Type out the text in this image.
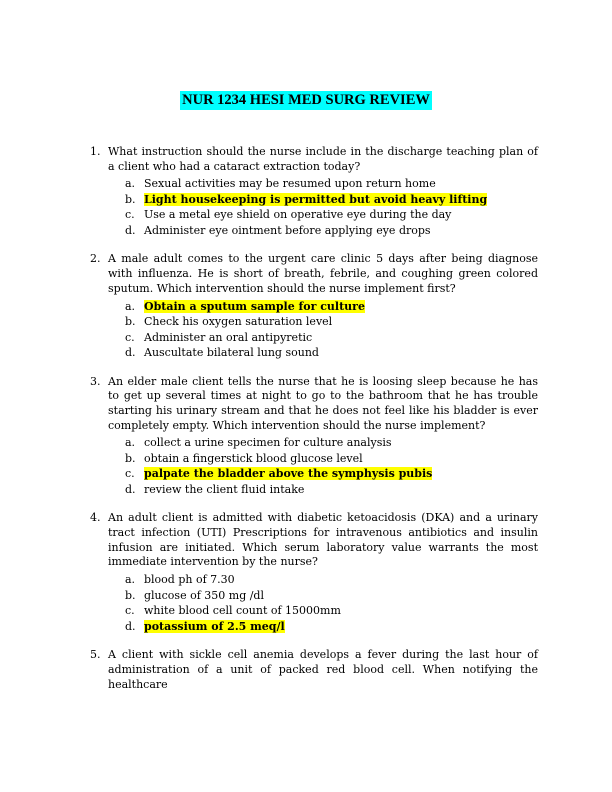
NUR 1234 HESI MED SURG REVIEW
1. What instruction should the nurse include in the discharge teaching plan of a client who had a cataract extraction today?
a. Sexual activities may be resumed upon return home
b. Light housekeeping is permitted but avoid heavy lifting
c. Use a metal eye shield on operative eye during the day
d. Administer eye ointment before applying eye drops
2. A male adult comes to the urgent care clinic 5 days after being diagnose with influenza. He is short of breath, febrile, and coughing green colored sputum. Which intervention should the nurse implement first?
a. Obtain a sputum sample for culture
b. Check his oxygen saturation level
c. Administer an oral antipyretic
d. Auscultate bilateral lung sound
3. An elder male client tells the nurse that he is loosing sleep because he has to get up several times at night to go to the bathroom that he has trouble starting his urinary stream and that he does not feel like his bladder is ever completely empty. Which intervention should the nurse implement?
a. collect a urine specimen for culture analysis
b. obtain a fingerstick blood glucose level
c. palpate the bladder above the symphysis pubis
d. review the client fluid intake
4. An adult client is admitted with diabetic ketoacidosis (DKA) and a urinary tract infection (UTI) Prescriptions for intravenous antibiotics and insulin infusion are initiated. Which serum laboratory value warrants the most immediate intervention by the nurse?
a. blood ph of 7.30
b. glucose of 350 mg /dl
c. white blood cell count of 15000mm
d. potassium of 2.5 meq/l
5. A client with sickle cell anemia develops a fever during the last hour of administration of a unit of packed red blood cell. When notifying the healthcare
